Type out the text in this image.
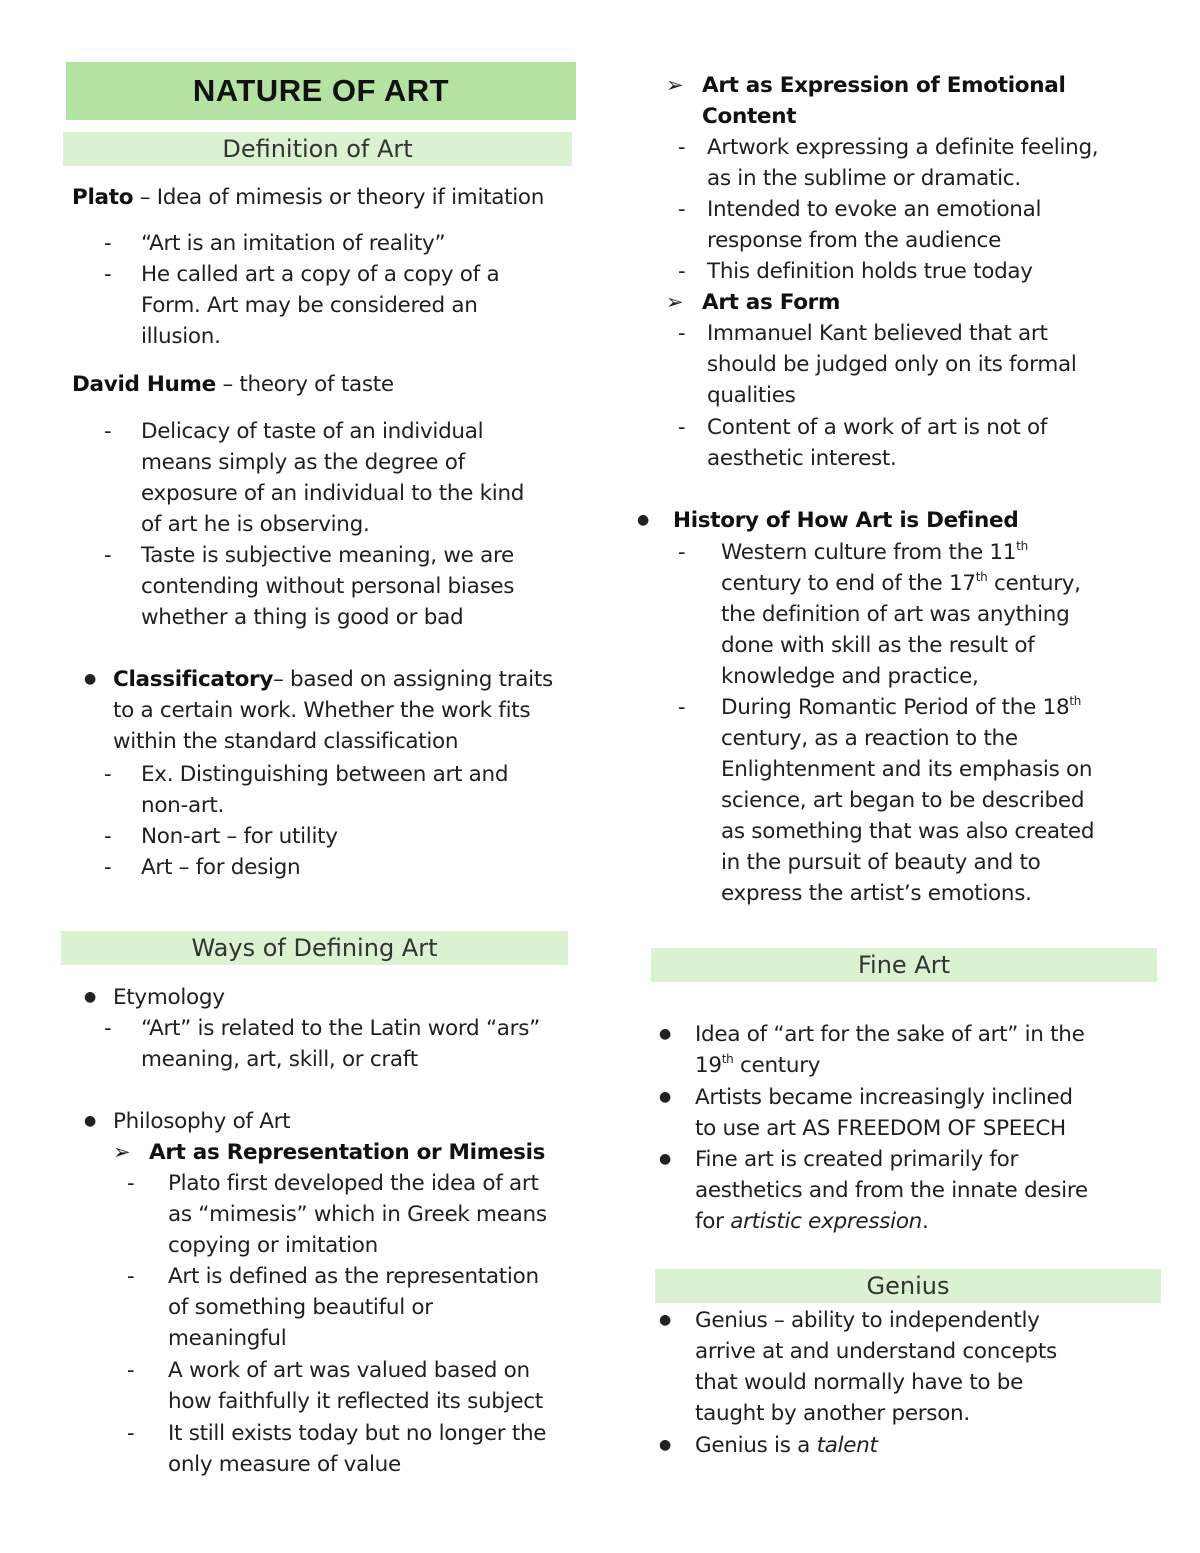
NATURE OF ART
Definition of Art
Plato – Idea of mimesis or theory if imitation
- “Art is an imitation of reality”
- He called art a copy of a copy of a
Form. Art may be considered an
illusion.
David Hume – theory of taste
- Delicacy of taste of an individual
means simply as the degree of
exposure of an individual to the kind
of art he is observing.
- Taste is subjective meaning, we are
contending without personal biases
whether a thing is good or bad
● Classificatory– based on assigning traits
to a certain work. Whether the work fits
within the standard classification
- Ex. Distinguishing between art and
non-art.
- Non-art – for utility
- Art – for design
Ways of Defining Art
● Etymology
- “Art” is related to the Latin word “ars”
meaning, art, skill, or craft
● Philosophy of Art
➢ Art as Representation or Mimesis
- Plato first developed the idea of art
as “mimesis” which in Greek means
copying or imitation
- Art is defined as the representation
of something beautiful or
meaningful
- A work of art was valued based on
how faithfully it reflected its subject
- It still exists today but no longer the
only measure of value
➢ Art as Expression of Emotional
Content
- Artwork expressing a definite feeling,
as in the sublime or dramatic.
- Intended to evoke an emotional
response from the audience
- This definition holds true today
➢ Art as Form
- Immanuel Kant believed that art
should be judged only on its formal
qualities
- Content of a work of art is not of
aesthetic interest.
● History of How Art is Defined
- Western culture from the 11th
century to end of the 17th century,
the definition of art was anything
done with skill as the result of
knowledge and practice,
- During Romantic Period of the 18th
century, as a reaction to the
Enlightenment and its emphasis on
science, art began to be described
as something that was also created
in the pursuit of beauty and to
express the artist’s emotions.
Fine Art
● Idea of “art for the sake of art” in the
19th century
● Artists became increasingly inclined
to use art AS FREEDOM OF SPEECH
● Fine art is created primarily for
aesthetics and from the innate desire
for artistic expression.
Genius
● Genius – ability to independently
arrive at and understand concepts
that would normally have to be
taught by another person.
● Genius is a talent
